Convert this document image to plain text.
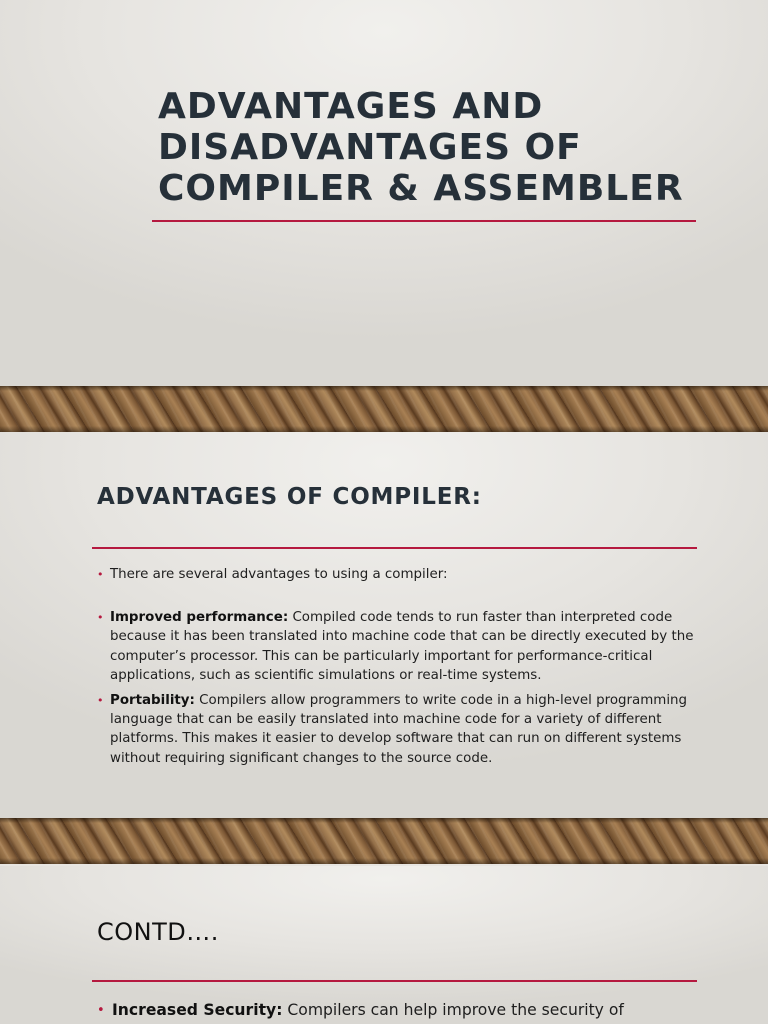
ADVANTAGES AND DISADVANTAGES OF COMPILER & ASSEMBLER
ADVANTAGES OF COMPILER:
• There are several advantages to using a compiler:
• Improved performance: Compiled code tends to run faster than interpreted code because it has been translated into machine code that can be directly executed by the computer’s processor. This can be particularly important for performance-critical applications, such as scientific simulations or real-time systems.
• Portability: Compilers allow programmers to write code in a high-level programming language that can be easily translated into machine code for a variety of different platforms. This makes it easier to develop software that can run on different systems without requiring significant changes to the source code.
CONTD….
• Increased Security: Compilers can help improve the security of
